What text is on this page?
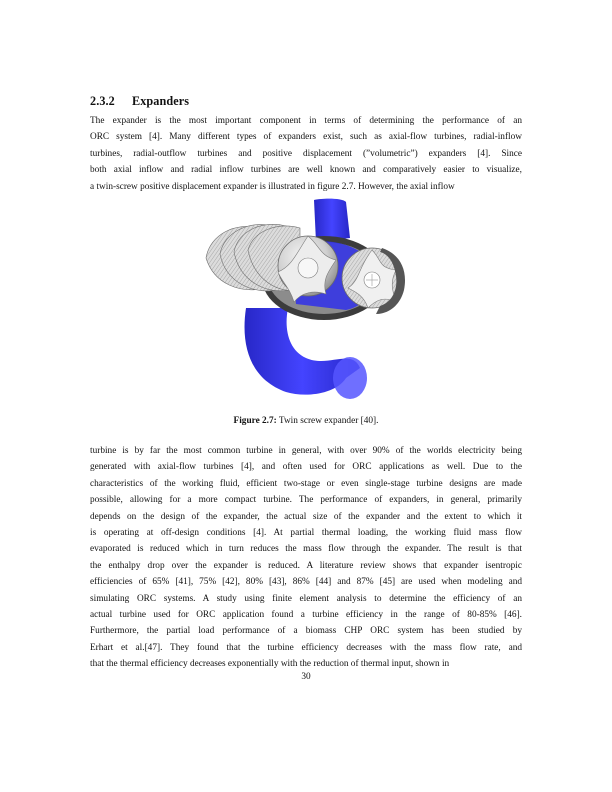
2.3.2 Expanders
The expander is the most important component in terms of determining the performance of an
ORC system [4]. Many different types of expanders exist, such as axial-flow turbines, radial-inflow
turbines, radial-outflow turbines and positive displacement (”volumetric”) expanders [4]. Since
both axial inflow and radial inflow turbines are well known and comparatively easier to visualize,
a twin-screw positive displacement expander is illustrated in figure 2.7. However, the axial inflow
Figure 2.7: Twin screw expander [40].
turbine is by far the most common turbine in general, with over 90% of the worlds electricity being
generated with axial-flow turbines [4], and often used for ORC applications as well. Due to the
characteristics of the working fluid, efficient two-stage or even single-stage turbine designs are made
possible, allowing for a more compact turbine. The performance of expanders, in general, primarily
depends on the design of the expander, the actual size of the expander and the extent to which it
is operating at off-design conditions [4]. At partial thermal loading, the working fluid mass flow
evaporated is reduced which in turn reduces the mass flow through the expander. The result is that
the enthalpy drop over the expander is reduced. A literature review shows that expander isentropic
efficiencies of 65% [41], 75% [42], 80% [43], 86% [44] and 87% [45] are used when modeling and
simulating ORC systems. A study using finite element analysis to determine the efficiency of an
actual turbine used for ORC application found a turbine efficiency in the range of 80-85% [46].
Furthermore, the partial load performance of a biomass CHP ORC system has been studied by
Erhart et al.[47]. They found that the turbine efficiency decreases with the mass flow rate, and
that the thermal efficiency decreases exponentially with the reduction of thermal input, shown in
30
